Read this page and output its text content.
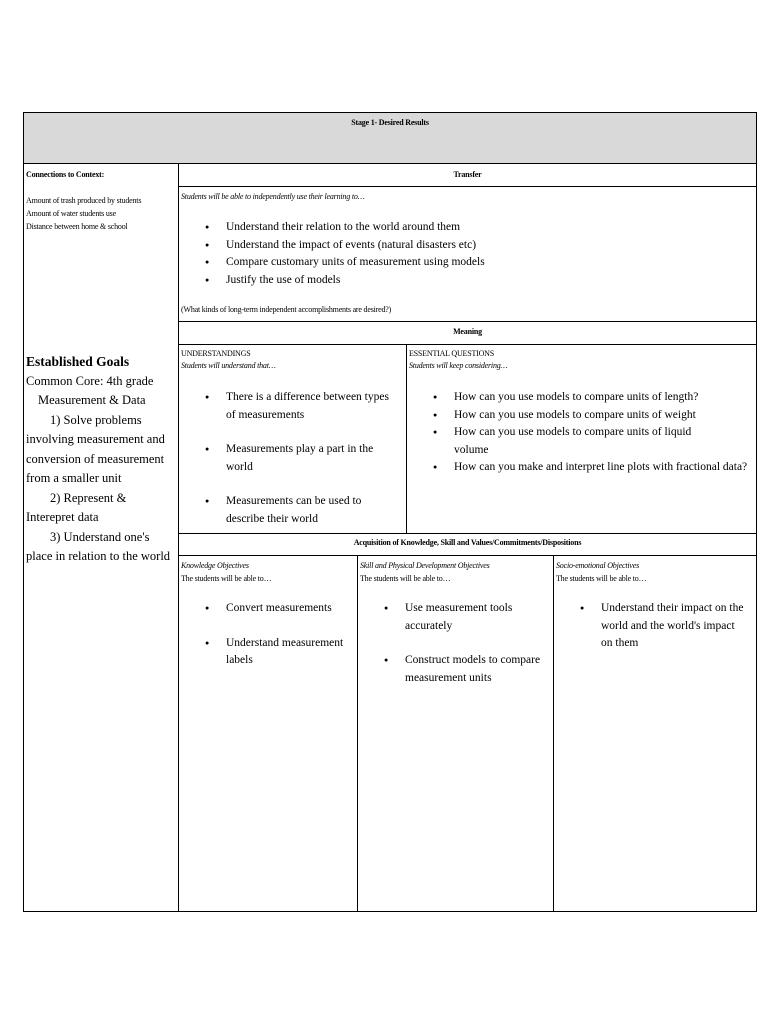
Stage 1- Desired Results
Connections to Context:
Amount of trash produced by students
Amount of water students use
Distance between home & school
Established Goals
Common Core: 4th grade
Measurement & Data
1) Solve problems involving measurement and conversion of measurement from a smaller unit
2) Represent & Interepret data
3) Understand one's place in relation to the world
Transfer
Students will be able to independently use their learning to…
● Understand their relation to the world around them
● Understand the impact of events (natural disasters etc)
● Compare customary units of measurement using models
● Justify the use of models
(What kinds of long-term independent accomplishments are desired?)
Meaning
UNDERSTANDINGS
Students will understand that…
● There is a difference between types of measurements
● Measurements play a part in the world
● Measurements can be used to describe their world
ESSENTIAL QUESTIONS
Students will keep considering…
● How can you use models to compare units of length?
● How can you use models to compare units of weight
● How can you use models to compare units of liquid volume
● How can you make and interpret line plots with fractional data?
Acquisition of Knowledge, Skill and Values/Commitments/Dispositions
Knowledge Objectives
The students will be able to…
● Convert measurements
● Understand measurement labels
Skill and Physical Development Objectives
The students will be able to…
● Use measurement tools accurately
● Construct models to compare measurement units
Socio-emotional Objectives
The students will be able to…
● Understand their impact on the world and the world's impact on them
